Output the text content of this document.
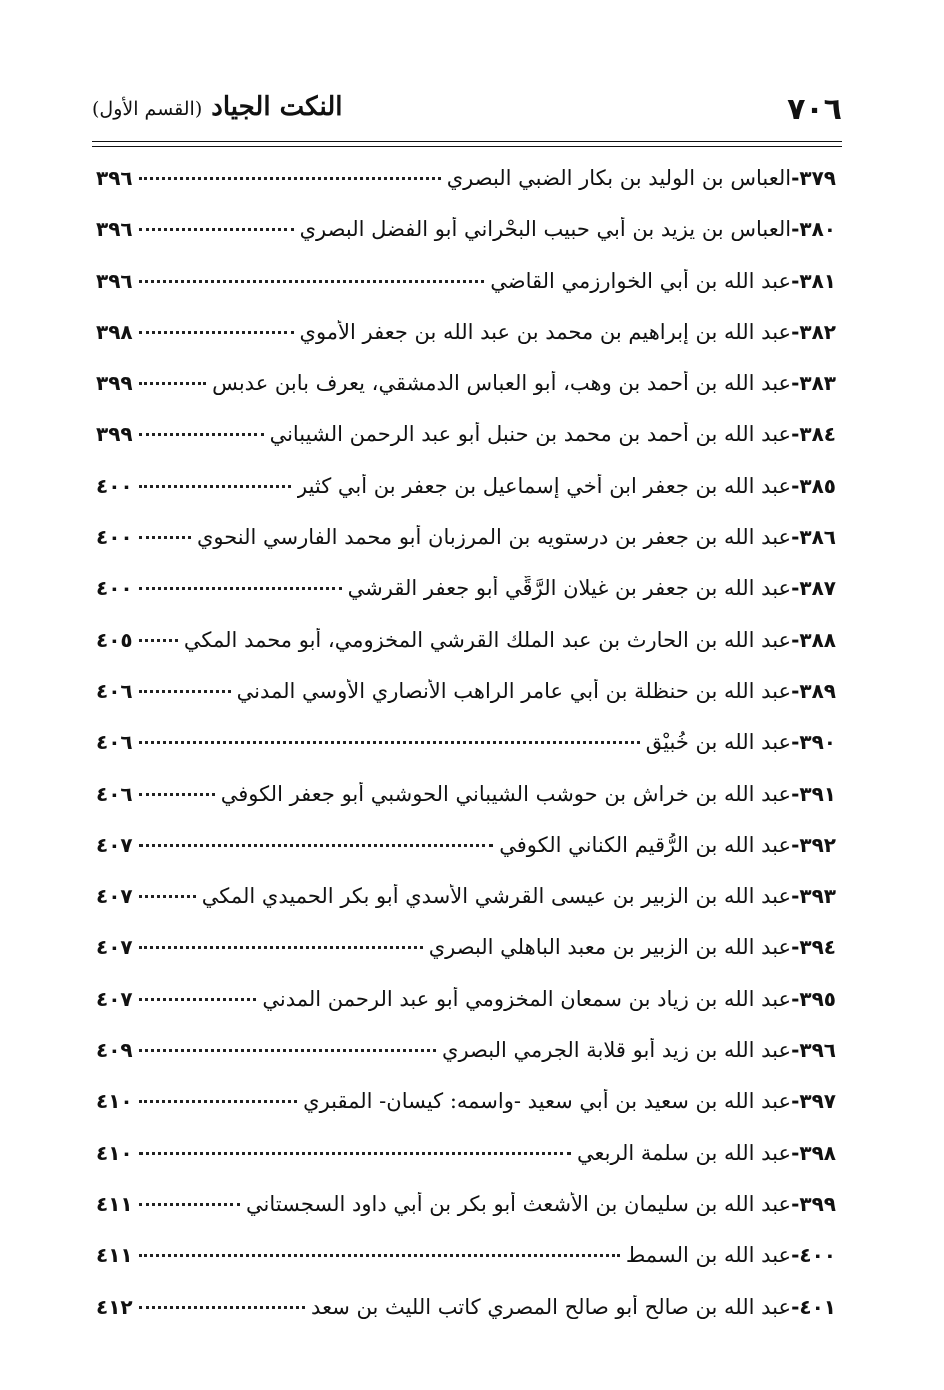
٧٠٦
النكت الجياد (القسم الأول)
٣٧٩-
العباس بن الوليد بن بكار الضبي البصري
٣٩٦
٣٨٠-
العباس بن يزيد بن أبي حبيب البحْراني أبو الفضل البصري
٣٩٦
٣٨١-
عبد الله بن أُبي الخوارزمي القاضي
٣٩٦
٣٨٢-
عبد الله بن إبراهيم بن محمد بن عبد الله بن جعفر الأموي
٣٩٨
٣٨٣-
عبد الله بن أحمد بن وهب، أبو العباس الدمشقي، يعرف بابن عدبس
٣٩٩
٣٨٤-
عبد الله بن أحمد بن محمد بن حنبل أبو عبد الرحمن الشيباني
٣٩٩
٣٨٥-
عبد الله بن جعفر ابن أخي إسماعيل بن جعفر بن أبي كثير
٤٠٠
٣٨٦-
عبد الله بن جعفر بن درستويه بن المرزبان أبو محمد الفارسي النحوي
٤٠٠
٣٨٧-
عبد الله بن جعفر بن غيلان الرَّقِّي أبو جعفر القرشي
٤٠٠
٣٨٨-
عبد الله بن الحارث بن عبد الملك القرشي المخزومي، أبو محمد المكي
٤٠٥
٣٨٩-
عبد الله بن حنظلة بن أبي عامر الراهب الأنصاري الأوسي المدني
٤٠٦
٣٩٠-
عبد الله بن خُبيْق
٤٠٦
٣٩١-
عبد الله بن خراش بن حوشب الشيباني الحوشبي أبو جعفر الكوفي
٤٠٦
٣٩٢-
عبد الله بن الرُّقيم الكناني الكوفي
٤٠٧
٣٩٣-
عبد الله بن الزبير بن عيسى القرشي الأسدي أبو بكر الحميدي المكي
٤٠٧
٣٩٤-
عبد الله بن الزبير بن معبد الباهلي البصري
٤٠٧
٣٩٥-
عبد الله بن زياد بن سمعان المخزومي أبو عبد الرحمن المدني
٤٠٧
٣٩٦-
عبد الله بن زيد أبو قلابة الجرمي البصري
٤٠٩
٣٩٧-
عبد الله بن سعيد بن أبي سعيد -واسمه: كيسان- المقبري
٤١٠
٣٩٨-
عبد الله بن سلمة الربعي
٤١٠
٣٩٩-
عبد الله بن سليمان بن الأشعث أبو بكر بن أبي داود السجستاني
٤١١
٤٠٠-
عبد الله بن السمط
٤١١
٤٠١-
عبد الله بن صالح أبو صالح المصري كاتب الليث بن سعد
٤١٢
